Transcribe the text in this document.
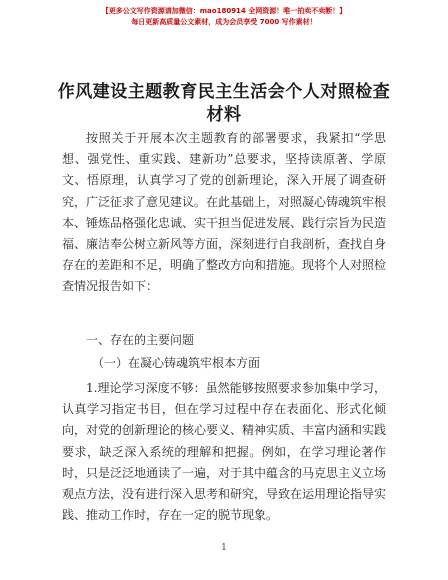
【更多公文写作资源请加微信：mao180914 全网资源！唯一拍卖不卖断！】
每日更新高质量公文素材，成为会员享受 7000 写作素材！
作风建设主题教育民主生活会个人对照检查材料
按照关于开展本次主题教育的部署要求，我紧扣“学思想、强党性、重实践、建新功”总要求，坚持读原著、学原文、悟原理，认真学习了党的创新理论，深入开展了调查研究，广泛征求了意见建议。在此基础上，对照凝心铸魂筑牢根本、锤炼品格强化忠诚、实干担当促进发展、践行宗旨为民造福、廉洁奉公树立新风等方面，深刻进行自我剖析，查找自身存在的差距和不足，明确了整改方向和措施。现将个人对照检查情况报告如下：
一、存在的主要问题
（一）在凝心铸魂筑牢根本方面
1.理论学习深度不够：虽然能够按照要求参加集中学习，认真学习指定书目，但在学习过程中存在表面化、形式化倾向，对党的创新理论的核心要义、精神实质、丰富内涵和实践要求，缺乏深入系统的理解和把握。例如，在学习理论著作时，只是泛泛地通读了一遍，对于其中蕴含的马克思主义立场观点方法，没有进行深入思考和研究，导致在运用理论指导实践、推动工作时，存在一定的脱节现象。
1
